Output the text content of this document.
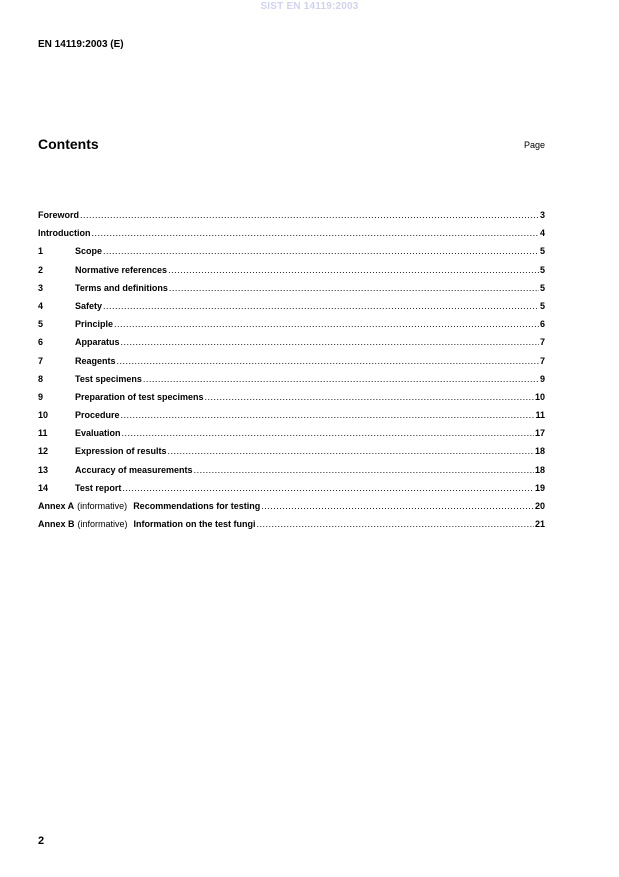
SIST EN 14119:2003
EN 14119:2003 (E)
Contents	Page
Foreword .....	3
Introduction .....	4
1	Scope .....	5
2	Normative references .....	5
3	Terms and definitions .....	5
4	Safety .....	5
5	Principle .....	6
6	Apparatus .....	7
7	Reagents .....	7
8	Test specimens .....	9
9	Preparation of test specimens .....	10
10	Procedure .....	11
11	Evaluation .....	17
12	Expression of results .....	18
13	Accuracy of measurements .....	18
14	Test report .....	19
Annex A (informative) Recommendations for testing .....	20
Annex B (informative) Information on the test fungi .....	21
2
